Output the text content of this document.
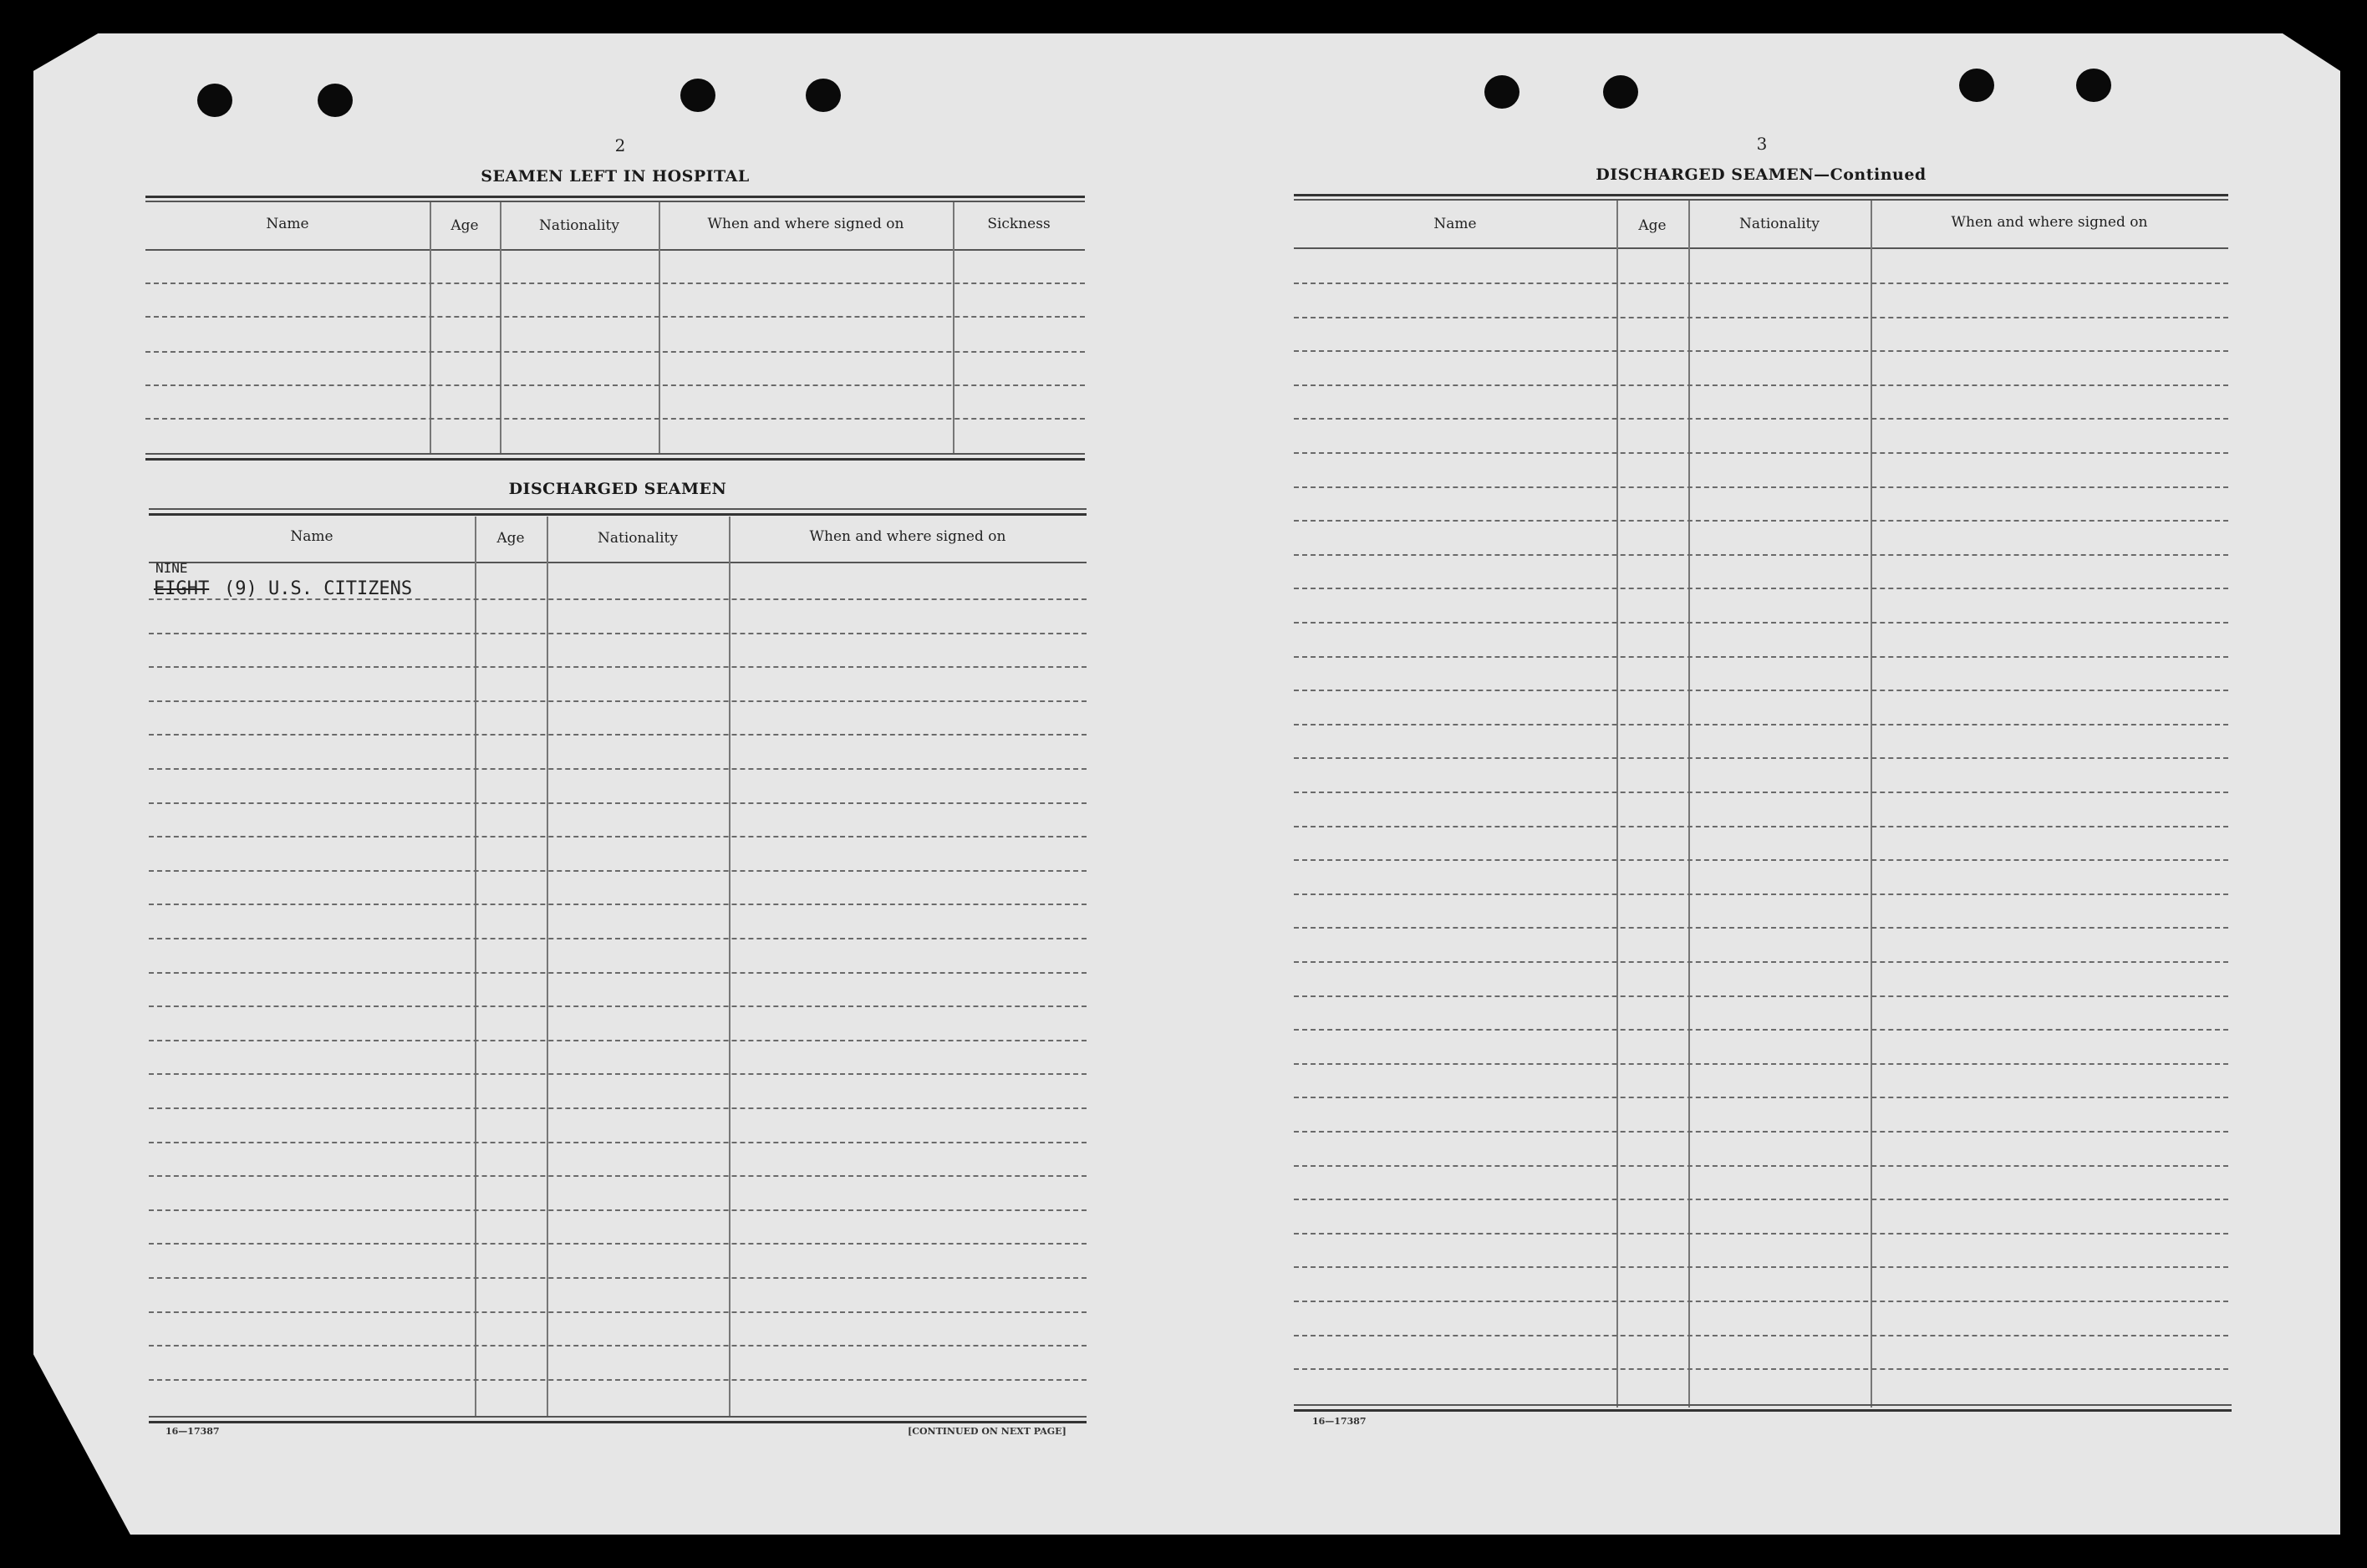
2
SEAMEN LEFT IN HOSPITAL
Name	Age	Nationality	When and where signed on	Sickness
DISCHARGED SEAMEN
Name	Age	Nationality	When and where signed on
NINE
EIGHT (9) U.S. CITIZENS
16—17387	[CONTINUED ON NEXT PAGE]
3
DISCHARGED SEAMEN—Continued
Name	Age	Nationality	When and where signed on
16—17387
